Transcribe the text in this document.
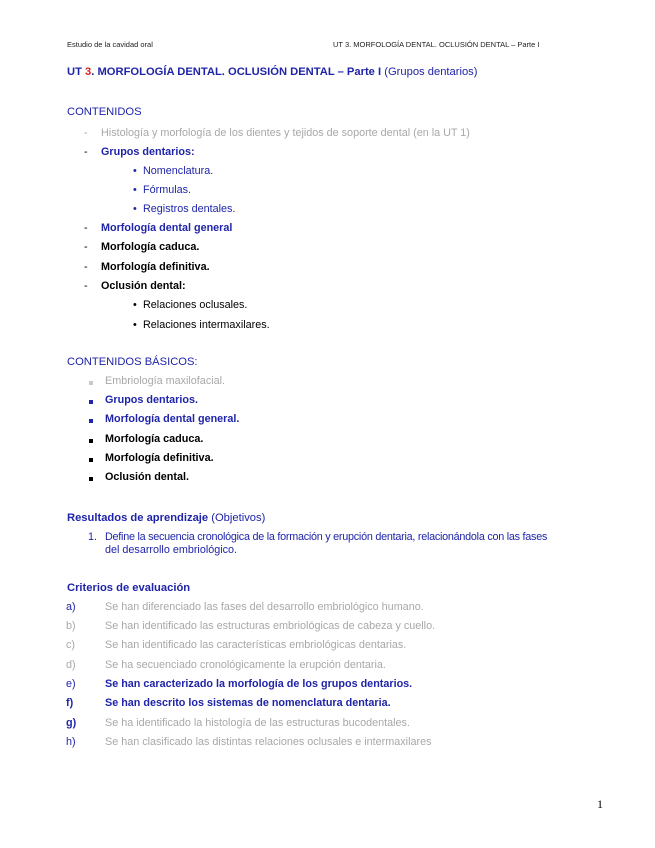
Estudio de la cavidad oral	UT 3. MORFOLOGÍA DENTAL. OCLUSIÓN DENTAL – Parte I
UT 3. MORFOLOGÍA DENTAL. OCLUSIÓN DENTAL – Parte I (Grupos dentarios)
CONTENIDOS
- Histología y morfología de los dientes y tejidos de soporte dental (en la UT 1)
- Grupos dentarios:
• Nomenclatura.
• Fórmulas.
• Registros dentales.
- Morfología dental general
- Morfología caduca.
- Morfología definitiva.
- Oclusión dental:
• Relaciones oclusales.
• Relaciones intermaxilares.
CONTENIDOS BÁSICOS:
Embriología maxilofacial.
Grupos dentarios.
Morfología dental general.
Morfología caduca.
Morfología definitiva.
Oclusión dental.
Resultados de aprendizaje (Objetivos)
1. Define la secuencia cronológica de la formación y erupción dentaria, relacionándola con las fases
del desarrollo embriológico.
Criterios de evaluación
a)	Se han diferenciado las fases del desarrollo embriológico humano.
b)	Se han identificado las estructuras embriológicas de cabeza y cuello.
c)	Se han identificado las características embriológicas dentarias.
d)	Se ha secuenciado cronológicamente la erupción dentaria.
e)	Se han caracterizado la morfología de los grupos dentarios.
f)	Se han descrito los sistemas de nomenclatura dentaria.
g)	Se ha identificado la histología de las estructuras bucodentales.
h)	Se han clasificado las distintas relaciones oclusales e intermaxilares
1
